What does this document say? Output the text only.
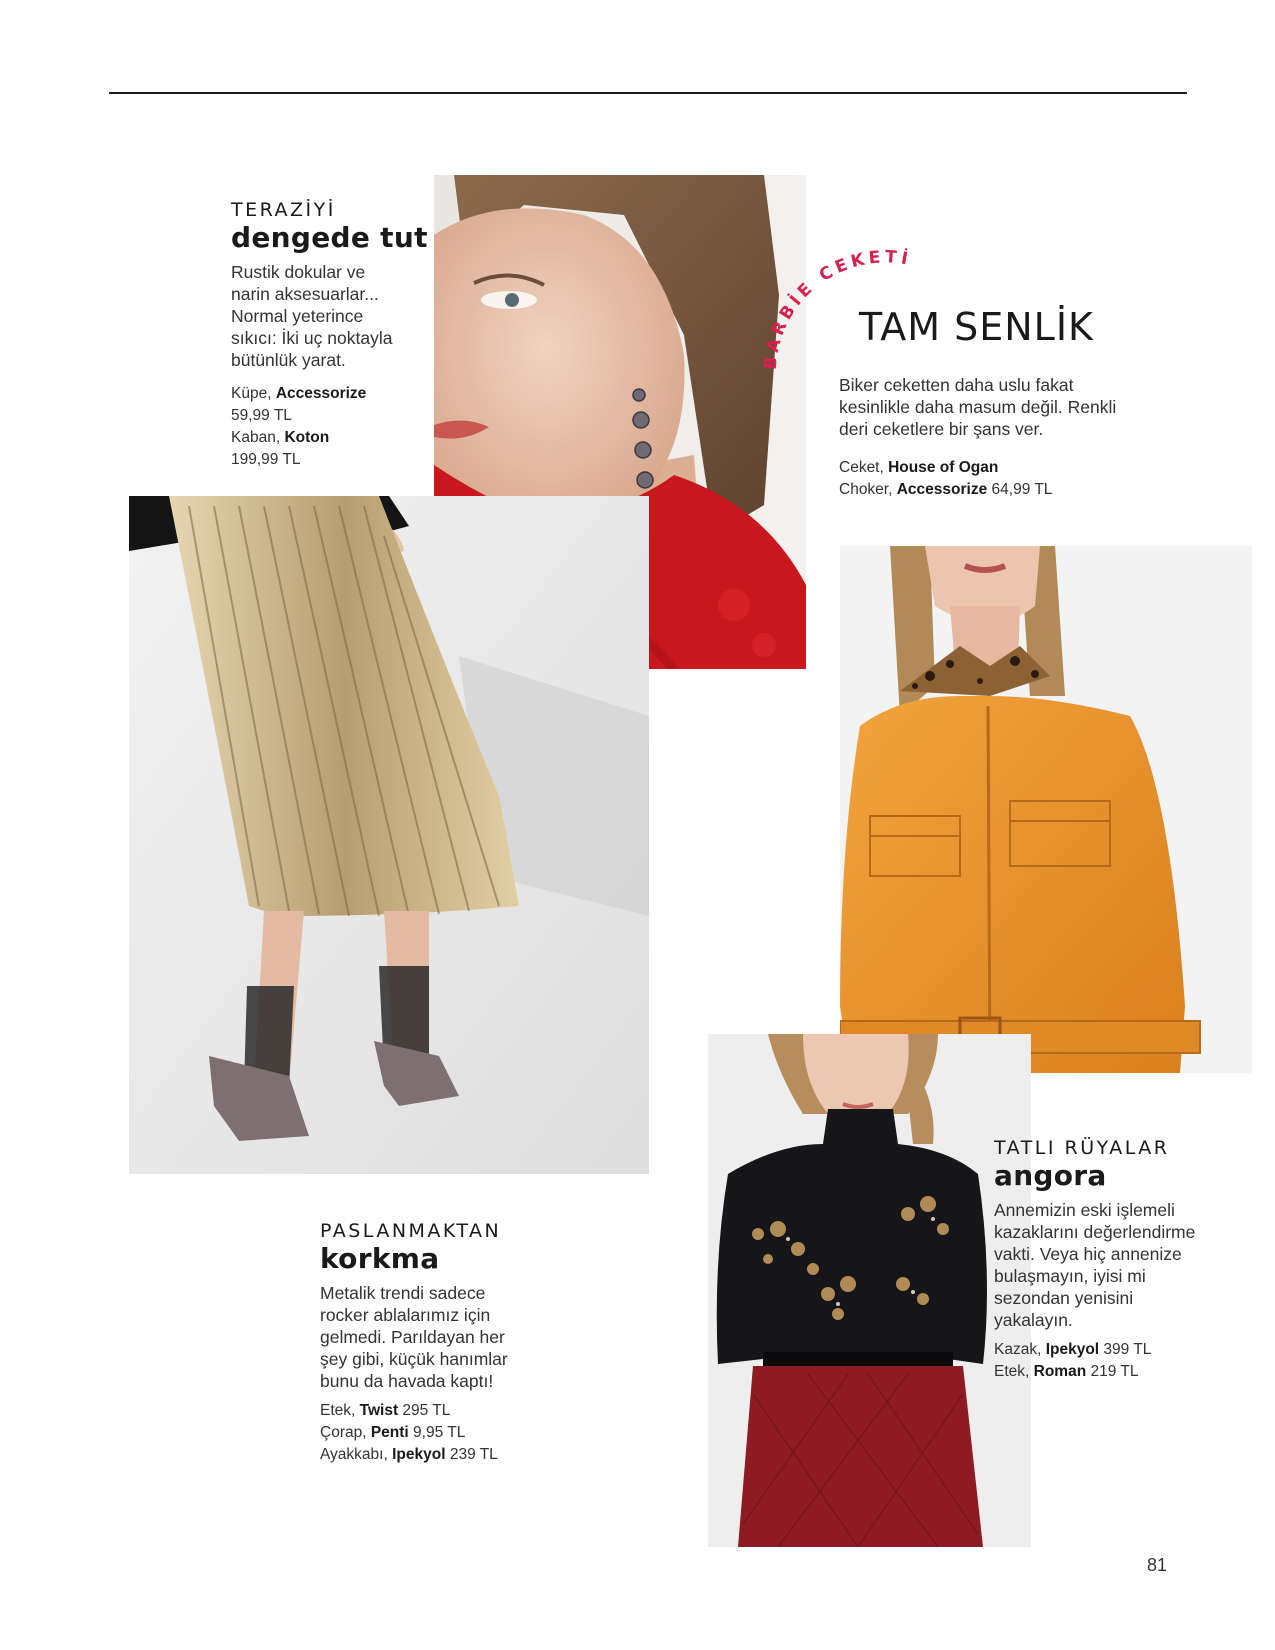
TERAZİYİ
dengede tut
Rustik dokular ve
narin aksesuarlar...
Normal yeterince
sıkıcı: İki uç noktayla
bütünlük yarat.
Küpe, Accessorize
59,99 TL
Kaban, Koton
199,99 TL
BARBİE CEKETİ
TAM SENLİK
Biker ceketten daha uslu fakat
kesinlikle daha masum değil. Renkli
deri ceketlere bir şans ver.
Ceket, House of Ogan
Choker, Accessorize 64,99 TL
PASLANMAKTAN
korkma
Metalik trendi sadece
rocker ablalarımız için
gelmedi. Parıldayan her
şey gibi, küçük hanımlar
bunu da havada kaptı!
Etek, Twist 295 TL
Çorap, Penti 9,95 TL
Ayakkabı, Ipekyol 239 TL
TATLI RÜYALAR
angora
Annemizin eski işlemeli
kazaklarını değerlendirme
vakti. Veya hiç annenize
bulaşmayın, iyisi mi
sezondan yenisini
yakalayın.
Kazak, Ipekyol 399 TL
Etek, Roman 219 TL
81
